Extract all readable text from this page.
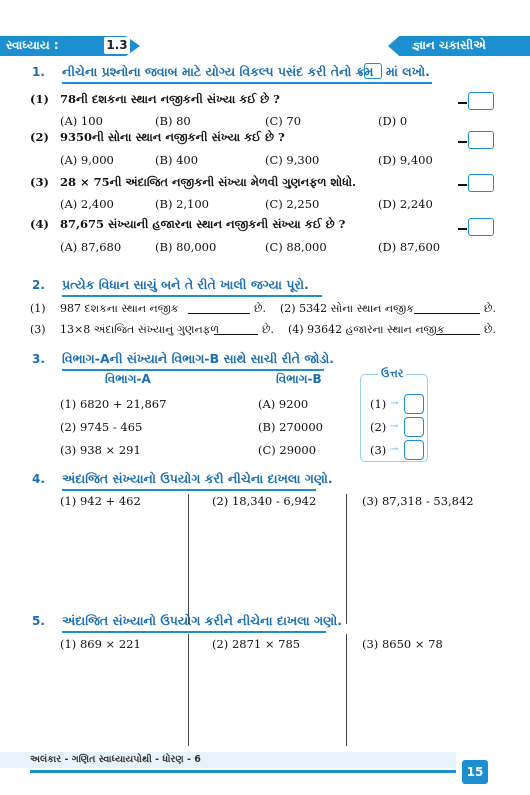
સ્વાધ્યાય :	1.3	જ્ઞાન ચકાસીએ
1. નીચેના પ્રશ્નોના જવાબ માટે યોગ્ય વિકલ્પ પસંદ કરી તેનો ક્રમ માં લખો.
(1) 78ની દશકના સ્થાન નજીકની સંખ્યા કઈ છે ?
(A) 100	(B) 80	(C) 70	(D) 0
(2) 9350ની સોના સ્થાન નજીકની સંખ્યા કઈ છે ?
(A) 9,000	(B) 400	(C) 9,300	(D) 9,400
(3) 28 × 75ની અંદાજિત નજીકની સંખ્યા મેળવી ગુણનફળ શોધો.
(A) 2,400	(B) 2,100	(C) 2,250	(D) 2,240
(4) 87,675 સંખ્યાની હજારના સ્થાન નજીકની સંખ્યા કઈ છે ?
(A) 87,680	(B) 80,000	(C) 88,000	(D) 87,600
2. પ્રત્યેક વિધાન સાચું બને તે રીતે ખાલી જગ્યા પૂરો.
(1) 987 દશકના સ્થાન નજીક	છે. (2) 5342 સોના સ્થાન નજીક	છે.
(3) 13×8 અંદાજિત સંખ્યાનું ગુણનફળ	છે. (4) 93642 હજારના સ્થાન નજીક	છે.
3. વિભાગ-Aની સંખ્યાને વિભાગ-B સાથે સાચી રીતે જોડો.
વિભાગ-A	વિભાગ-B	ઉત્તર
(1) 6820 + 21,867	(A) 9200	(1) →
(2) 9745 - 465	(B) 270000	(2) →
(3) 938 × 291	(C) 29000	(3) →
4. અંદાજિત સંખ્યાનો ઉપયોગ કરી નીચેના દાખલા ગણો.
(1) 942 + 462	(2) 18,340 - 6,942	(3) 87,318 - 53,842
5. અંદાજિત સંખ્યાનો ઉપયોગ કરીને નીચેના દાખલા ગણો.
(1) 869 × 221	(2) 2871 × 785	(3) 8650 × 78
અલંકાર - ગણિત સ્વાધ્યાયપોથી - ધોરણ - 6
15
